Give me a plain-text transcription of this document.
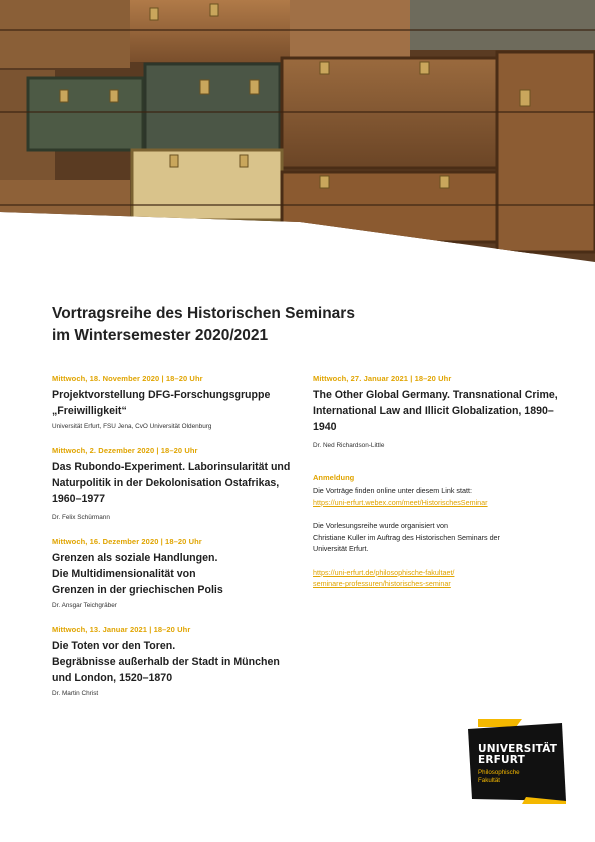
Vortragsreihe des Historischen Seminars
im Wintersemester 2020/2021
Mittwoch, 18. November 2020 | 18–20 Uhr
Projektvorstellung DFG-Forschungsgruppe
„Freiwilligkeit“
Universität Erfurt, FSU Jena, CvO Universität Oldenburg
Mittwoch, 2. Dezember 2020 | 18–20 Uhr
Das Rubondo-Experiment. Laborinsularität und
Naturpolitik in der Dekolonisation Ostafrikas,
1960–1977
Dr. Felix Schürmann
Mittwoch, 16. Dezember 2020 | 18–20 Uhr
Grenzen als soziale Handlungen.
Die Multidimensionalität von
Grenzen in der griechischen Polis
Dr. Ansgar Teichgräber
Mittwoch, 13. Januar 2021 | 18–20 Uhr
Die Toten vor den Toren.
Begräbnisse außerhalb der Stadt in München
und London, 1520–1870
Dr. Martin Christ
Mittwoch, 27. Januar 2021 | 18–20 Uhr
The Other Global Germany. Transnational Crime,
International Law and Illicit Globalization, 1890–
1940
Dr. Ned Richardson-Little
Anmeldung
Die Vorträge finden online unter diesem Link statt:
https://uni-erfurt.webex.com/meet/HistorischesSeminar
Die Vorlesungsreihe wurde organisiert von
Christiane Kuller im Auftrag des Historischen Seminars der
Universität Erfurt.
https://uni-erfurt.de/philosophische-fakultaet/
seminare-professuren/historisches-seminar
UNIVERSITÄT
ERFURT
Philosophische
Fakultät
